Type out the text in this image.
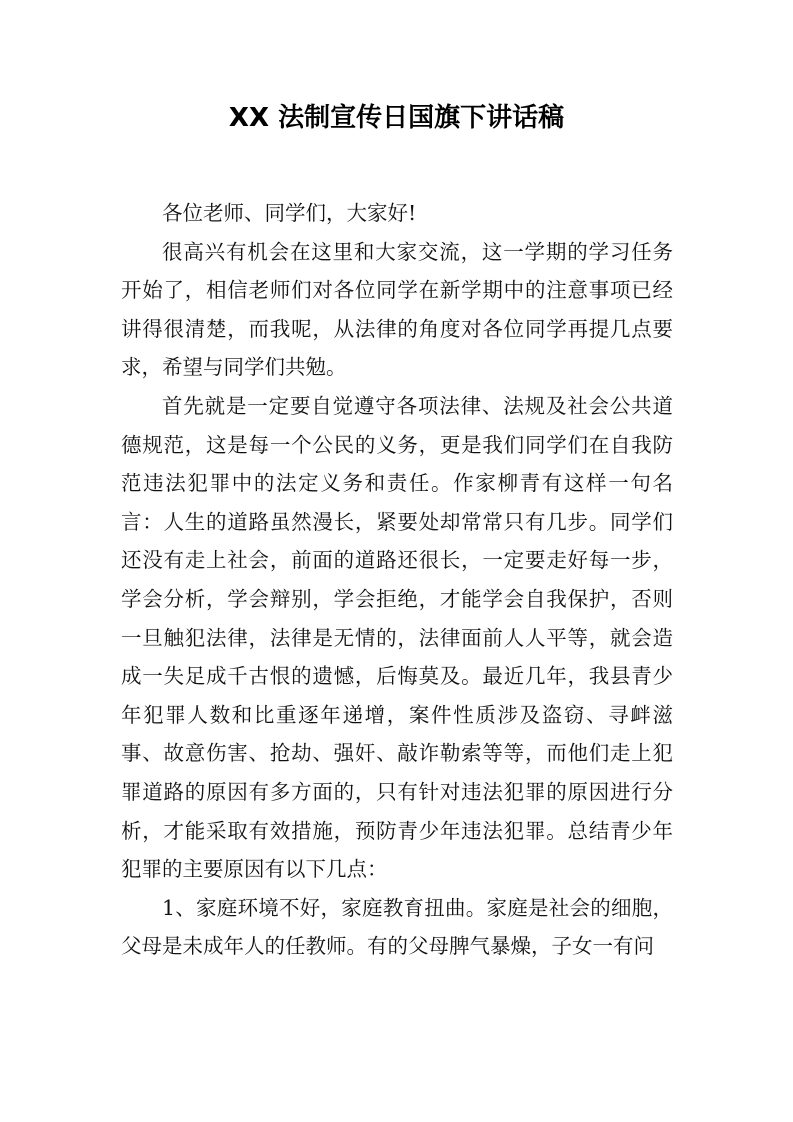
XX 法制宣传日国旗下讲话稿

各位老师、同学们，大家好!

很高兴有机会在这里和大家交流，这一学期的学习任务开始了，相信老师们对各位同学在新学期中的注意事项已经讲得很清楚，而我呢，从法律的角度对各位同学再提几点要求，希望与同学们共勉。

首先就是一定要自觉遵守各项法律、法规及社会公共道德规范，这是每一个公民的义务，更是我们同学们在自我防范违法犯罪中的法定义务和责任。作家柳青有这样一句名言：人生的道路虽然漫长，紧要处却常常只有几步。同学们还没有走上社会，前面的道路还很长，一定要走好每一步，学会分析，学会辩别，学会拒绝，才能学会自我保护，否则一旦触犯法律，法律是无情的，法律面前人人平等，就会造成一失足成千古恨的遗憾，后悔莫及。最近几年，我县青少年犯罪人数和比重逐年递增，案件性质涉及盗窃、寻衅滋事、故意伤害、抢劫、强奸、敲诈勒索等等，而他们走上犯罪道路的原因有多方面的，只有针对违法犯罪的原因进行分析，才能采取有效措施，预防青少年违法犯罪。总结青少年犯罪的主要原因有以下几点：

1、家庭环境不好，家庭教育扭曲。家庭是社会的细胞，父母是未成年人的任教师。有的父母脾气暴燥，子女一有问
